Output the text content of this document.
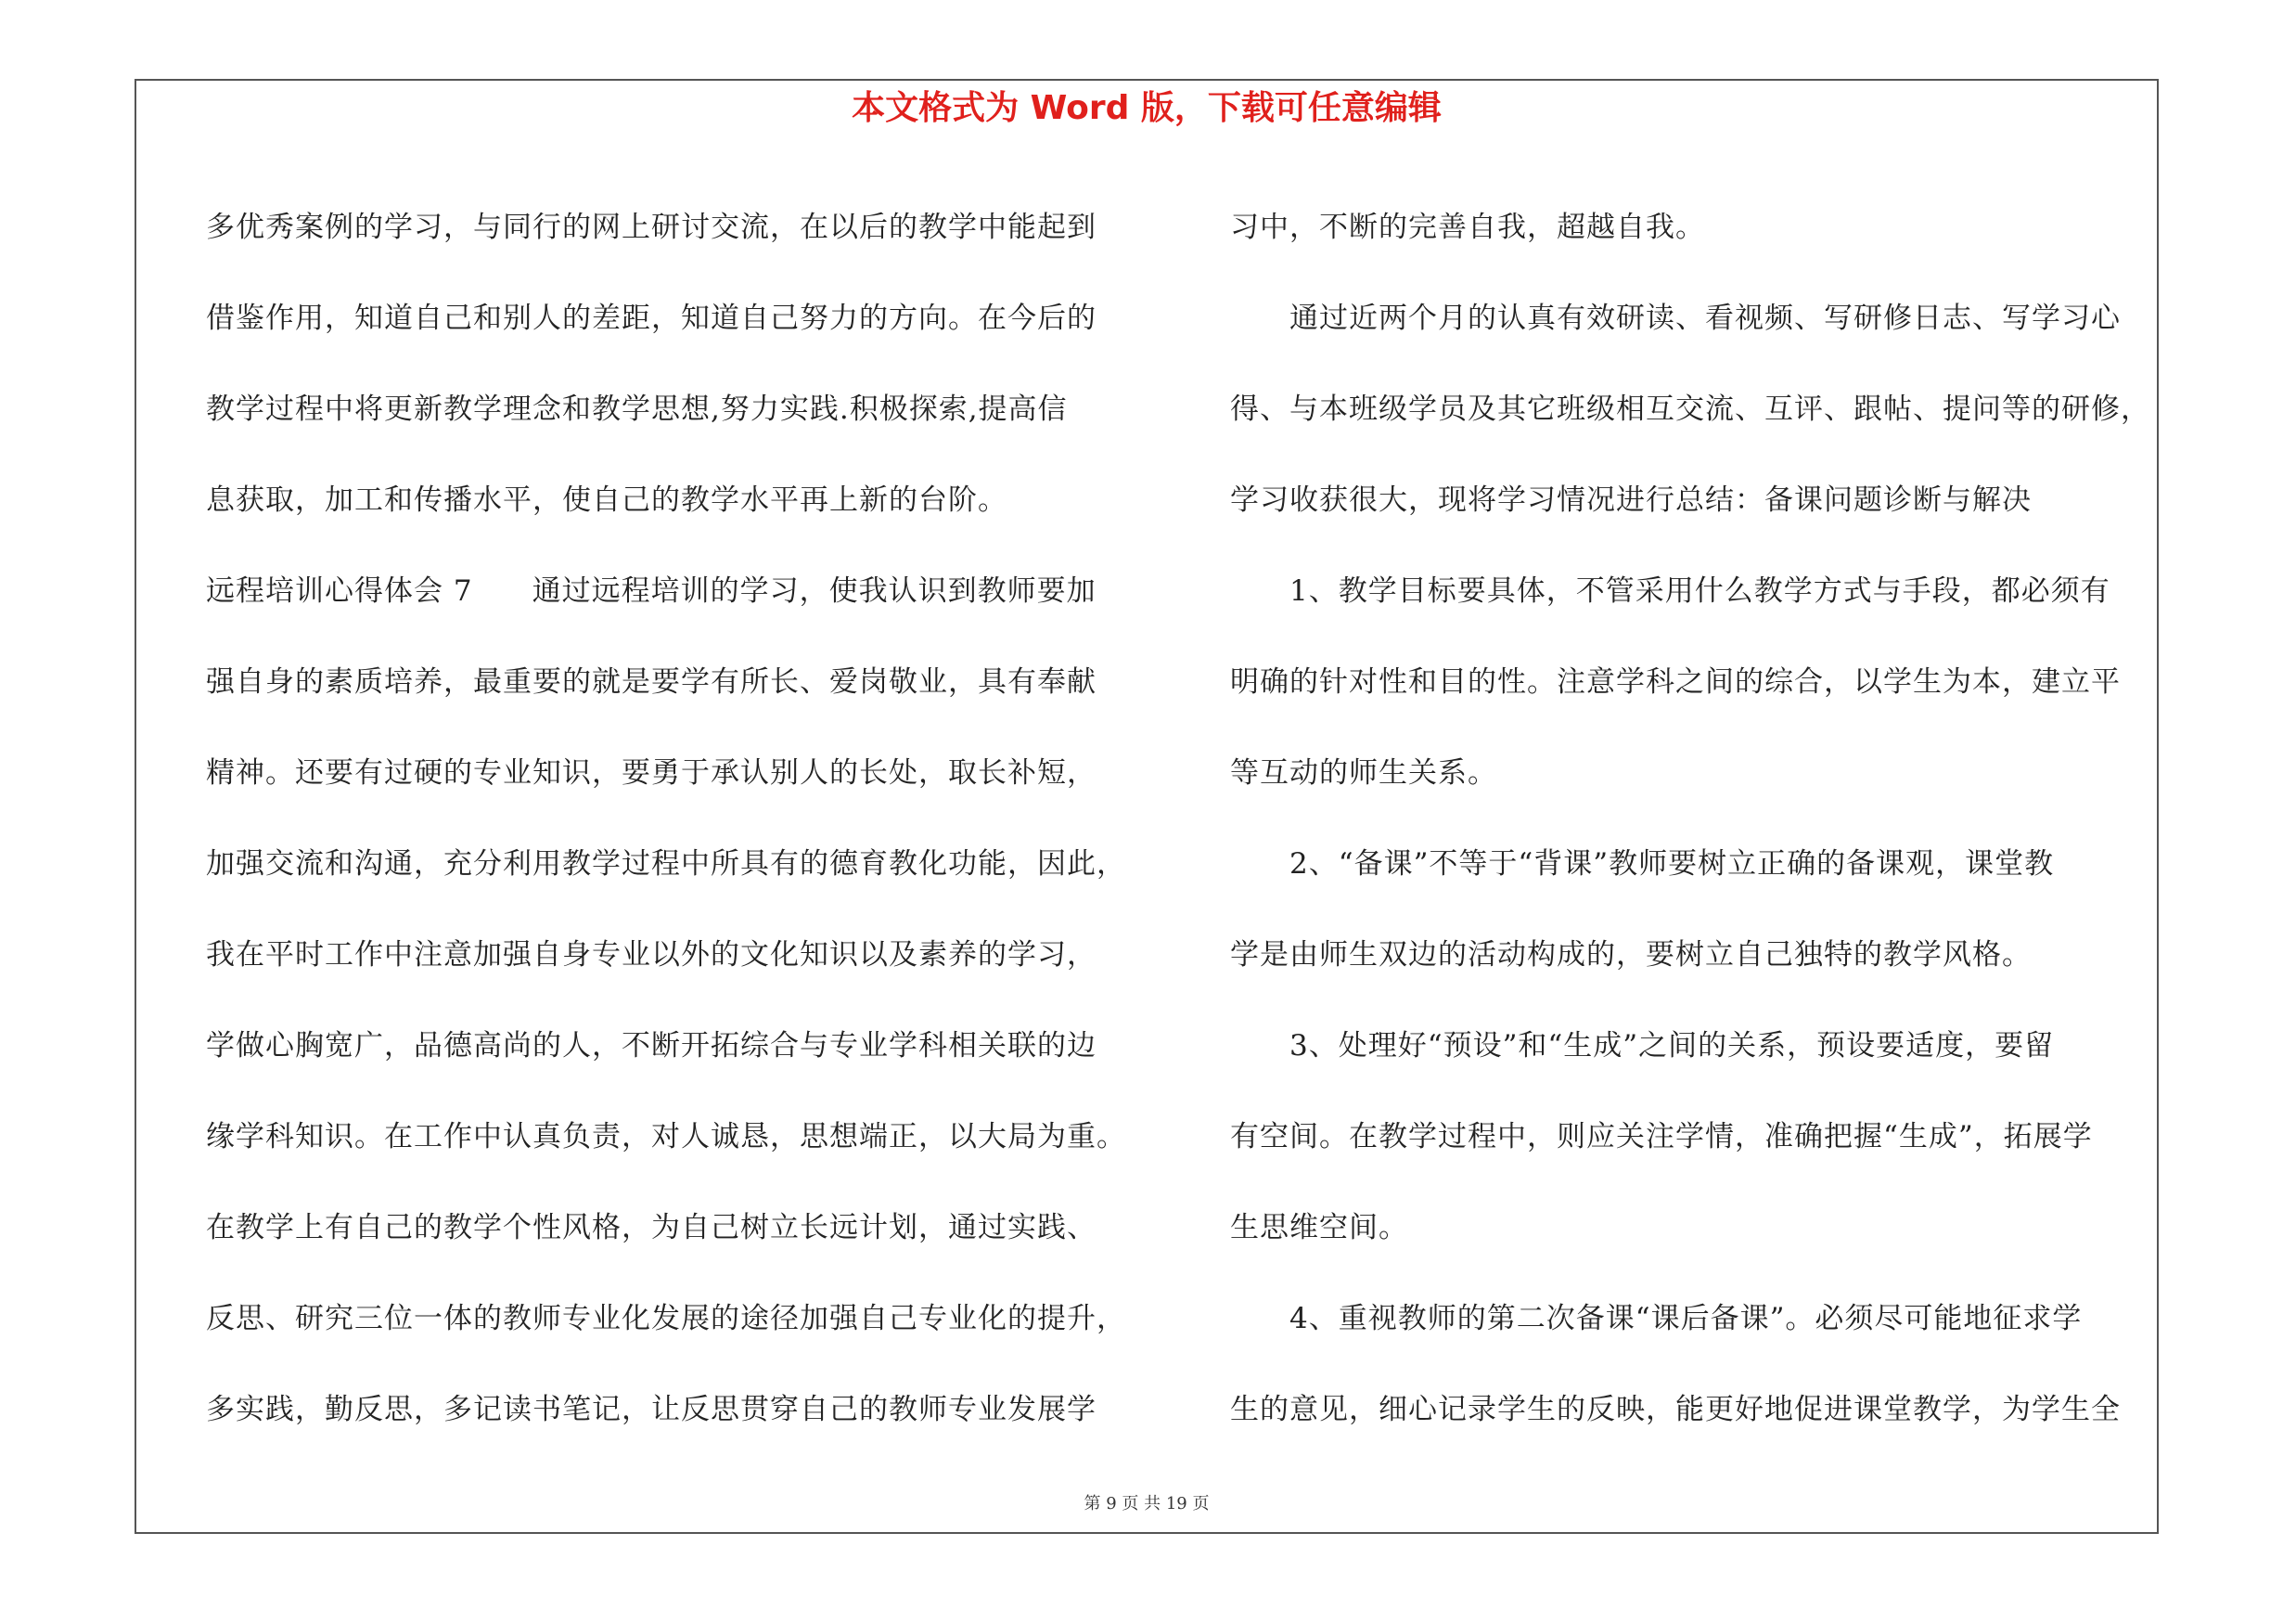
本文格式为 Word 版，下载可任意编辑
多优秀案例的学习，与同行的网上研讨交流，在以后的教学中能起到
借鉴作用，知道自己和别人的差距，知道自己努力的方向。在今后的
教学过程中将更新教学理念和教学思想,努力实践.积极探索,提高信
息获取，加工和传播水平，使自己的教学水平再上新的台阶。
远程培训心得体会 7　　通过远程培训的学习，使我认识到教师要加
强自身的素质培养，最重要的就是要学有所长、爱岗敬业，具有奉献
精神。还要有过硬的专业知识，要勇于承认别人的长处，取长补短，
加强交流和沟通，充分利用教学过程中所具有的德育教化功能，因此，
我在平时工作中注意加强自身专业以外的文化知识以及素养的学习，
学做心胸宽广，品德高尚的人，不断开拓综合与专业学科相关联的边
缘学科知识。在工作中认真负责，对人诚恳，思想端正，以大局为重。
在教学上有自己的教学个性风格，为自己树立长远计划，通过实践、
反思、研究三位一体的教师专业化发展的途径加强自己专业化的提升，
多实践，勤反思，多记读书笔记，让反思贯穿自己的教师专业发展学
习中，不断的完善自我，超越自我。
　　通过近两个月的认真有效研读、看视频、写研修日志、写学习心
得、与本班级学员及其它班级相互交流、互评、跟帖、提问等的研修，
学习收获很大，现将学习情况进行总结：备课问题诊断与解决
　　1、教学目标要具体，不管采用什么教学方式与手段，都必须有
明确的针对性和目的性。注意学科之间的综合，以学生为本，建立平
等互动的师生关系。
　　2、“备课”不等于“背课”教师要树立正确的备课观，课堂教
学是由师生双边的活动构成的，要树立自己独特的教学风格。
　　3、处理好“预设”和“生成”之间的关系，预设要适度，要留
有空间。在教学过程中，则应关注学情，准确把握“生成”，拓展学
生思维空间。
　　4、重视教师的第二次备课“课后备课”。必须尽可能地征求学
生的意见，细心记录学生的反映，能更好地促进课堂教学，为学生全
第 9 页 共 19 页
